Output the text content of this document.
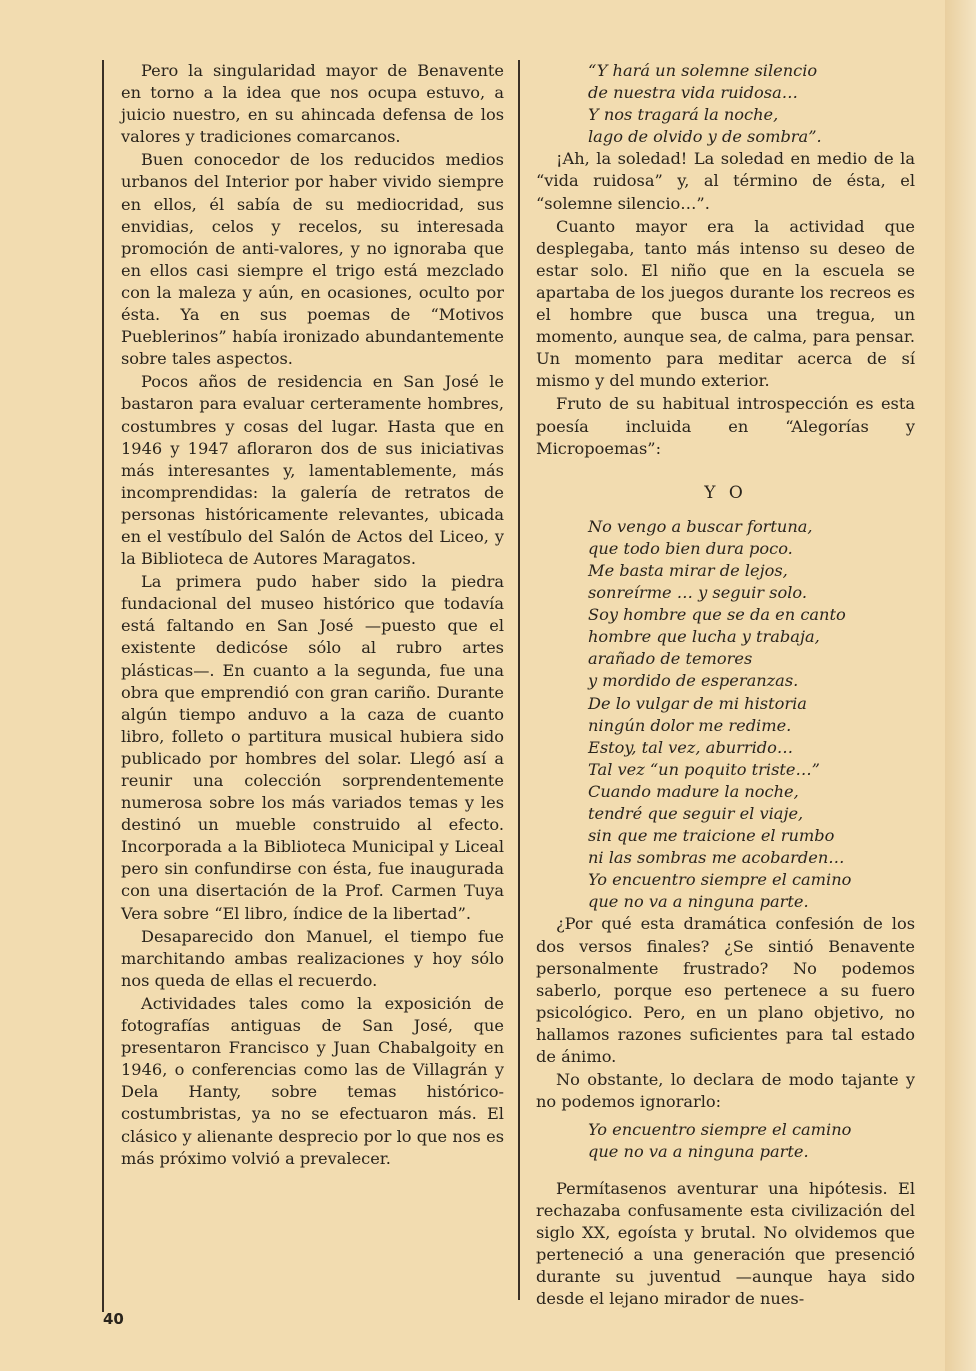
Pero la singularidad mayor de Benavente en torno a la idea que nos ocupa estuvo, a juicio nuestro, en su ahincada defensa de los valores y tradiciones comarcanos.

Buen conocedor de los reducidos medios urbanos del Interior por haber vivido siempre en ellos, él sabía de su mediocridad, sus envidias, celos y recelos, su interesada promoción de anti-valores, y no ignoraba que en ellos casi siempre el trigo está mezclado con la maleza y aún, en ocasiones, oculto por ésta. Ya en sus poemas de “Motivos Pueblerinos” había ironizado abundantemente sobre tales aspectos.

Pocos años de residencia en San José le bastaron para evaluar certeramente hombres, costumbres y cosas del lugar. Hasta que en 1946 y 1947 afloraron dos de sus iniciativas más interesantes y, lamentablemente, más incomprendidas: la galería de retratos de personas históricamente relevantes, ubicada en el vestíbulo del Salón de Actos del Liceo, y la Biblioteca de Autores Maragatos.

La primera pudo haber sido la piedra fundacional del museo histórico que todavía está faltando en San José —puesto que el existente dedicóse sólo al rubro artes plásticas—. En cuanto a la segunda, fue una obra que emprendió con gran cariño. Durante algún tiempo anduvo a la caza de cuanto libro, folleto o partitura musical hubiera sido publicado por hombres del solar. Llegó así a reunir una colección sorprendentemente numerosa sobre los más variados temas y les destinó un mueble construido al efecto. Incorporada a la Biblioteca Municipal y Liceal pero sin confundirse con ésta, fue inaugurada con una disertación de la Prof. Carmen Tuya Vera sobre “El libro, índice de la libertad”.

Desaparecido don Manuel, el tiempo fue marchitando ambas realizaciones y hoy sólo nos queda de ellas el recuerdo.

Actividades tales como la exposición de fotografías antiguas de San José, que presentaron Francisco y Juan Chabalgoity en 1946, o conferencias como las de Villagrán y Dela Hanty, sobre temas histórico-costumbristas, ya no se efectuaron más. El clásico y alienante desprecio por lo que nos es más próximo volvió a prevalecer.

“Y hará un solemne silencio
de nuestra vida ruidosa…
Y nos tragará la noche,
lago de olvido y de sombra”.

¡Ah, la soledad! La soledad en medio de la “vida ruidosa” y, al término de ésta, el “solemne silencio…”.

Cuanto mayor era la actividad que desplegaba, tanto más intenso su deseo de estar solo. El niño que en la escuela se apartaba de los juegos durante los recreos es el hombre que busca una tregua, un momento, aunque sea, de calma, para pensar. Un momento para meditar acerca de sí mismo y del mundo exterior.

Fruto de su habitual introspección es esta poesía incluida en “Alegorías y Micropoemas”:

Y O
No vengo a buscar fortuna,
que todo bien dura poco.
Me basta mirar de lejos,
sonreírme … y seguir solo.
Soy hombre que se da en canto
hombre que lucha y trabaja,
arañado de temores
y mordido de esperanzas.
De lo vulgar de mi historia
ningún dolor me redime.
Estoy, tal vez, aburrido…
Tal vez “un poquito triste…”
Cuando madure la noche,
tendré que seguir el viaje,
sin que me traicione el rumbo
ni las sombras me acobarden…
Yo encuentro siempre el camino
que no va a ninguna parte.

¿Por qué esta dramática confesión de los dos versos finales? ¿Se sintió Benavente personalmente frustrado? No podemos saberlo, porque eso pertenece a su fuero psicológico. Pero, en un plano objetivo, no hallamos razones suficientes para tal estado de ánimo.

No obstante, lo declara de modo tajante y no podemos ignorarlo:

Yo encuentro siempre el camino
que no va a ninguna parte.

Permítasenos aventurar una hipótesis. El rechazaba confusamente esta civilización del siglo XX, egoísta y brutal. No olvidemos que perteneció a una generación que presenció durante su juventud —aunque haya sido desde el lejano mirador de nues-

40
